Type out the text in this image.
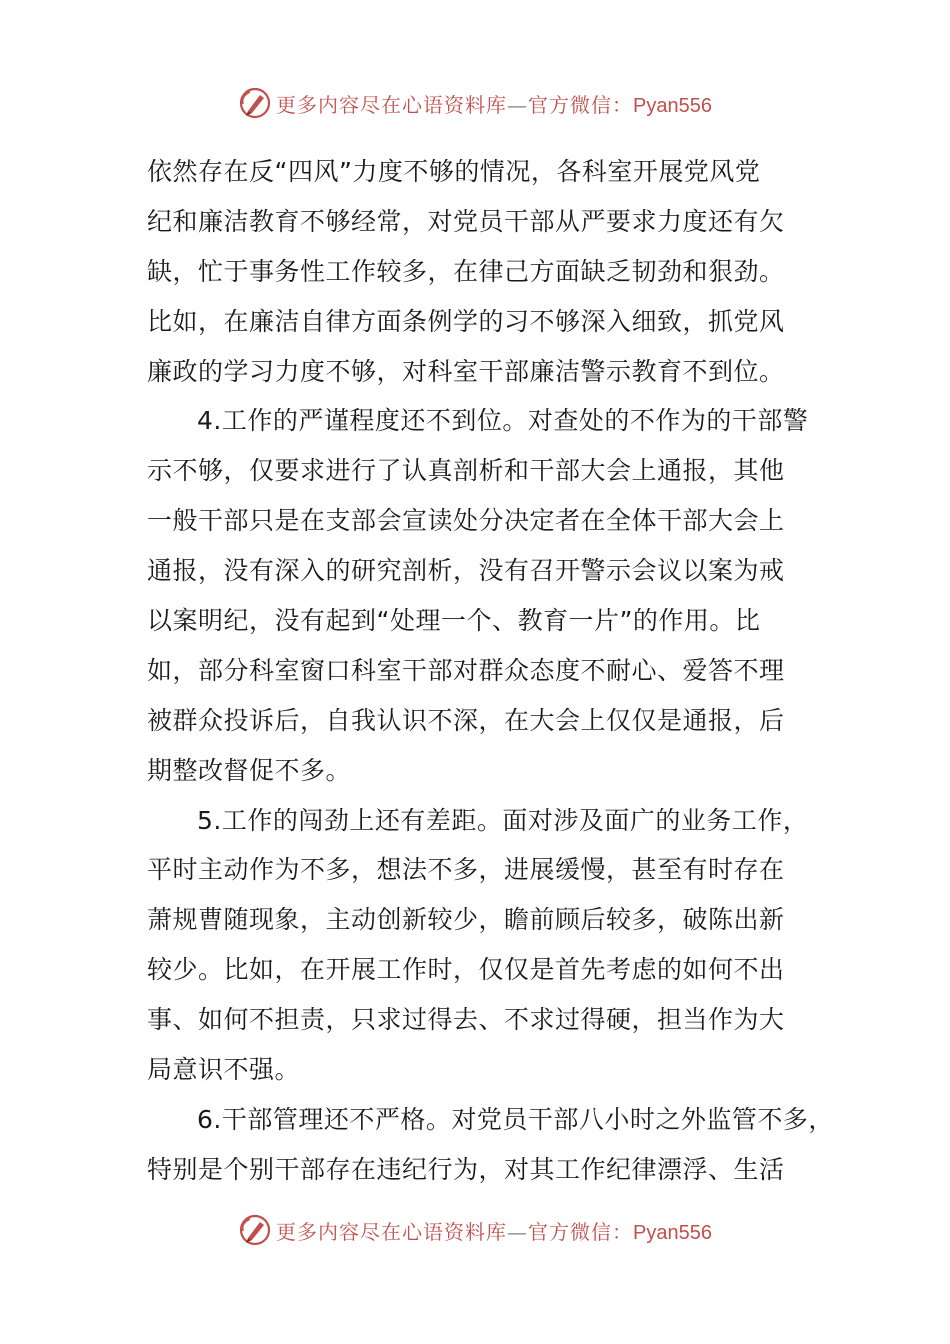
更多内容尽在心语资料库—官方微信：Pyan556

依然存在反“四风”力度不够的情况，各科室开展党风党
纪和廉洁教育不够经常，对党员干部从严要求力度还有欠
缺，忙于事务性工作较多，在律己方面缺乏韧劲和狠劲。
比如，在廉洁自律方面条例学的习不够深入细致，抓党风
廉政的学习力度不够，对科室干部廉洁警示教育不到位。

4.工作的严谨程度还不到位。对查处的不作为的干部警
示不够，仅要求进行了认真剖析和干部大会上通报，其他
一般干部只是在支部会宣读处分决定者在全体干部大会上
通报，没有深入的研究剖析，没有召开警示会议以案为戒
以案明纪，没有起到“处理一个、教育一片”的作用。比
如，部分科室窗口科室干部对群众态度不耐心、爱答不理
被群众投诉后，自我认识不深，在大会上仅仅是通报，后
期整改督促不多。

5.工作的闯劲上还有差距。面对涉及面广的业务工作，
平时主动作为不多，想法不多，进展缓慢，甚至有时存在
萧规曹随现象，主动创新较少，瞻前顾后较多，破陈出新
较少。比如，在开展工作时，仅仅是首先考虑的如何不出
事、如何不担责，只求过得去、不求过得硬，担当作为大
局意识不强。

6.干部管理还不严格。对党员干部八小时之外监管不多，
特别是个别干部存在违纪行为，对其工作纪律漂浮、生活

更多内容尽在心语资料库—官方微信：Pyan556
